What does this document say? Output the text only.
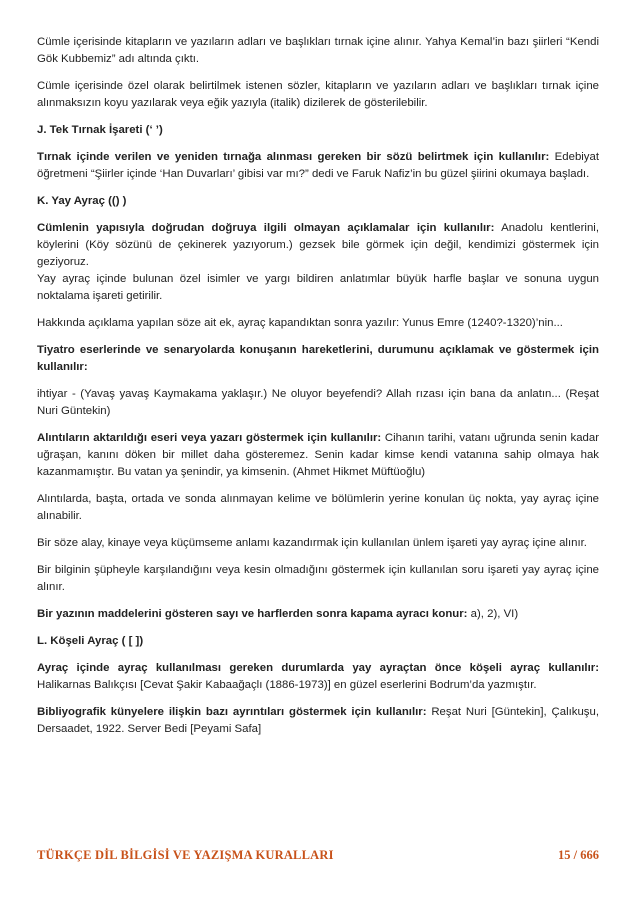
Cümle içerisinde kitapların ve yazıların adları ve başlıkları tırnak içine alınır. Yahya Kemal’in bazı şiirleri “Kendi Gök Kubbemiz” adı altında çıktı.

Cümle içerisinde özel olarak belirtilmek istenen sözler, kitapların ve yazıların adları ve başlıkları tırnak içine alınmaksızın koyu yazılarak veya eğik yazıyla (italik) dizilerek de gösterilebilir.

J. Tek Tırnak İşareti (‘ ’)

Tırnak içinde verilen ve yeniden tırnağa alınması gereken bir sözü belirtmek için kullanılır: Edebiyat öğretmeni “Şiirler içinde ‘Han Duvarları’ gibisi var mı?” dedi ve Faruk Nafiz’in bu güzel şiirini okumaya başladı.

K. Yay Ayraç (() )

Cümlenin yapısıyla doğrudan doğruya ilgili olmayan açıklamalar için kullanılır: Anadolu kentlerini, köylerini (Köy sözünü de çekinerek yazıyorum.) gezsek bile görmek için değil, kendimizi göstermek için geziyoruz.

Yay ayraç içinde bulunan özel isimler ve yargı bildiren anlatımlar büyük harfle başlar ve sonuna uygun noktalama işareti getirilir.

Hakkında açıklama yapılan söze ait ek, ayraç kapandıktan sonra yazılır: Yunus Emre (1240?-1320)’nin...

Tiyatro eserlerinde ve senaryolarda konuşanın hareketlerini, durumunu açıklamak ve göstermek için kullanılır:

ihtiyar - (Yavaş yavaş Kaymakama yaklaşır.) Ne oluyor beyefendi? Allah rızası için bana da anlatın... (Reşat Nuri Güntekin)

Alıntıların aktarıldığı eseri veya yazarı göstermek için kullanılır: Cihanın tarihi, vatanı uğrunda senin kadar uğraşan, kanını döken bir millet daha gösteremez. Senin kadar kimse kendi vatanına sahip olmaya hak kazanmamıştır. Bu vatan ya şenindir, ya kimsenin. (Ahmet Hikmet Müftüoğlu)

Alıntılarda, başta, ortada ve sonda alınmayan kelime ve bölümlerin yerine konulan üç nokta, yay ayraç içine alınabilir.

Bir söze alay, kinaye veya küçümseme anlamı kazandırmak için kullanılan ünlem işareti yay ayraç içine alınır.

Bir bilginin şüpheyle karşılandığını veya kesin olmadığını göstermek için kullanılan soru işareti yay ayraç içine alınır.

Bir yazının maddelerini gösteren sayı ve harflerden sonra kapama ayracı konur: a), 2), VI)

L. Köşeli Ayraç ( [ ])

Ayraç içinde ayraç kullanılması gereken durumlarda yay ayraçtan önce köşeli ayraç kullanılır: Halikarnas Balıkçısı [Cevat Şakir Kabaağaçlı (1886-1973)] en güzel eserlerini Bodrum’da yazmıştır.

Bibliyografik künyelere ilişkin bazı ayrıntıları göstermek için kullanılır: Reşat Nuri [Güntekin], Çalıkuşu, Dersaadet, 1922. Server Bedi [Peyami Safa]

TÜRKÇE DİL BİLGİSİ VE YAZIŞMA KURALLARI	15 / 666
